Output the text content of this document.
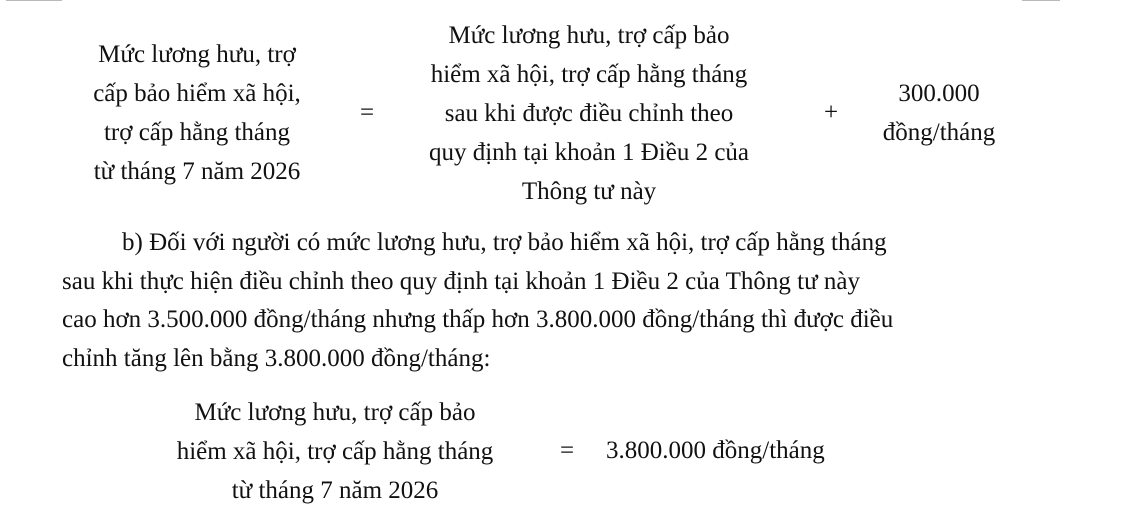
Mức lương hưu, trợ
cấp bảo hiểm xã hội,
trợ cấp hằng tháng
từ tháng 7 năm 2026
=
Mức lương hưu, trợ cấp bảo
hiểm xã hội, trợ cấp hằng tháng
sau khi được điều chỉnh theo
quy định tại khoản 1 Điều 2 của
Thông tư này
+
300.000
đồng/tháng
b) Đối với người có mức lương hưu, trợ bảo hiểm xã hội, trợ cấp hằng tháng
sau khi thực hiện điều chỉnh theo quy định tại khoản 1 Điều 2 của Thông tư này
cao hơn 3.500.000 đồng/tháng nhưng thấp hơn 3.800.000 đồng/tháng thì được điều
chỉnh tăng lên bằng 3.800.000 đồng/tháng:
Mức lương hưu, trợ cấp bảo
hiểm xã hội, trợ cấp hằng tháng
từ tháng 7 năm 2026
=	3.800.000 đồng/tháng
